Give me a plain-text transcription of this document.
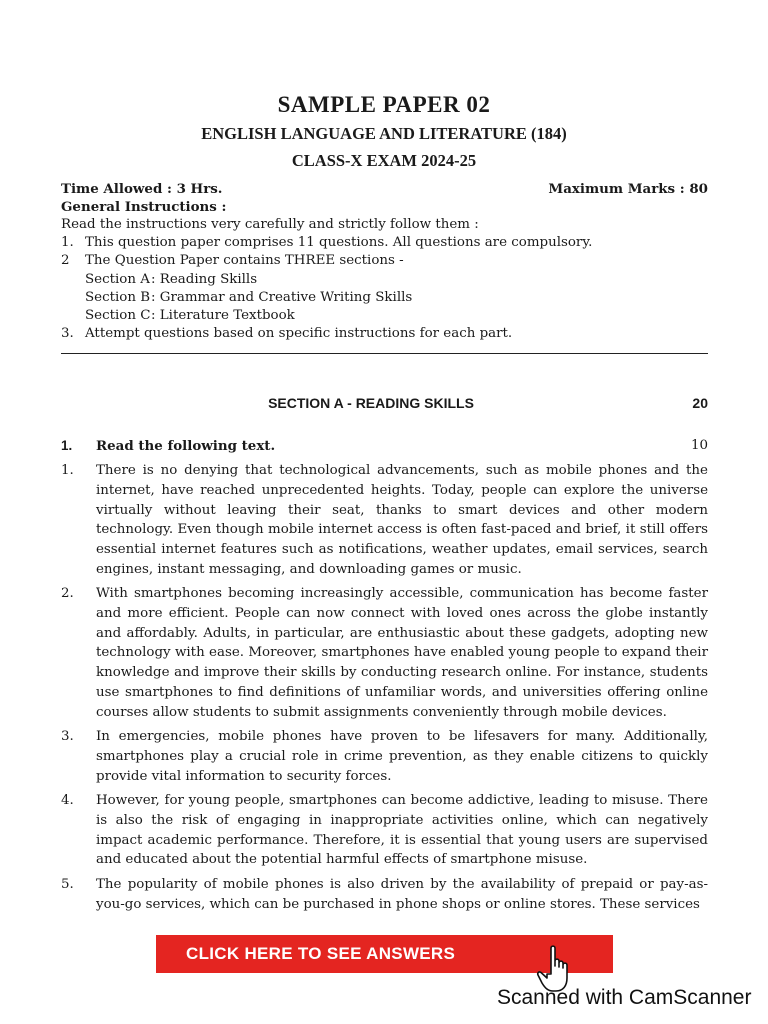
SAMPLE PAPER 02
ENGLISH LANGUAGE AND LITERATURE (184)
CLASS-X EXAM 2024-25
Time Allowed : 3 Hrs.	Maximum Marks : 80
General Instructions :
Read the instructions very carefully and strictly follow them :
1. This question paper comprises 11 questions. All questions are compulsory.
2 The Question Paper contains THREE sections -
Section A: Reading Skills
Section B: Grammar and Creative Writing Skills
Section C: Literature Textbook
3. Attempt questions based on specific instructions for each part.
SECTION A - READING SKILLS	20
1. Read the following text.	10
1. There is no denying that technological advancements, such as mobile phones and the internet, have reached unprecedented heights. Today, people can explore the universe virtually without leaving their seat, thanks to smart devices and other modern technology. Even though mobile internet access is often fast-paced and brief, it still offers essential internet features such as notifications, weather updates, email services, search engines, instant messaging, and downloading games or music.
2. With smartphones becoming increasingly accessible, communication has become faster and more efficient. People can now connect with loved ones across the globe instantly and affordably. Adults, in particular, are enthusiastic about these gadgets, adopting new technology with ease. Moreover, smartphones have enabled young people to expand their knowledge and improve their skills by conducting research online. For instance, students use smartphones to find definitions of unfamiliar words, and universities offering online courses allow students to submit assignments conveniently through mobile devices.
3. In emergencies, mobile phones have proven to be lifesavers for many. Additionally, smartphones play a crucial role in crime prevention, as they enable citizens to quickly provide vital information to security forces.
4. However, for young people, smartphones can become addictive, leading to misuse. There is also the risk of engaging in inappropriate activities online, which can negatively impact academic performance. Therefore, it is essential that young users are supervised and educated about the potential harmful effects of smartphone misuse.
5. The popularity of mobile phones is also driven by the availability of prepaid or pay-as-you-go services, which can be purchased in phone shops or online stores. These services
CLICK HERE TO SEE ANSWERS
Scanned with CamScanner
